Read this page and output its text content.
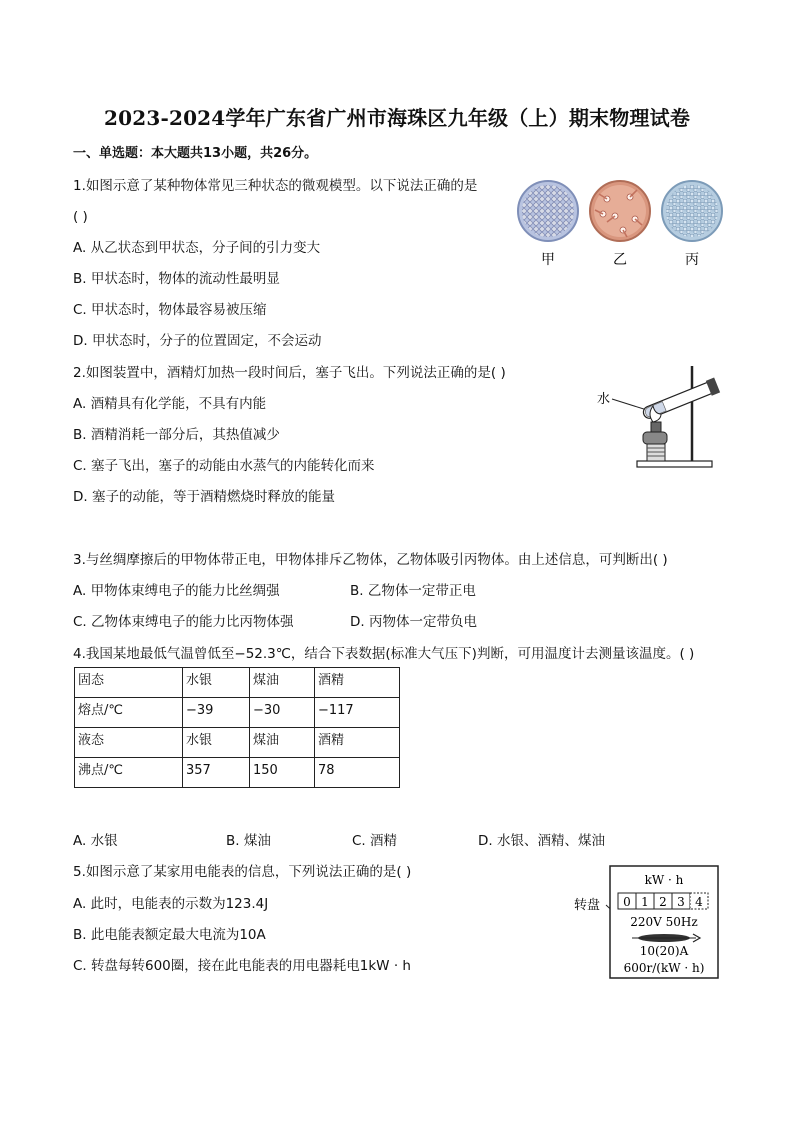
2023-2024学年广东省广州市海珠区九年级（上）期末物理试卷
一、单选题：本大题共13小题，共26分。
1.如图示意了某种物体常见三种状态的微观模型。以下说法正确的是
( )
A. 从乙状态到甲状态，分子间的引力变大
B. 甲状态时，物体的流动性最明显
C. 甲状态时，物体最容易被压缩
D. 甲状态时，分子的位置固定，不会运动
甲	乙	丙
2.如图装置中，酒精灯加热一段时间后，塞子飞出。下列说法正确的是( )
A. 酒精具有化学能，不具有内能
B. 酒精消耗一部分后，其热值减少
C. 塞子飞出，塞子的动能由水蒸气的内能转化而来
D. 塞子的动能，等于酒精燃烧时释放的能量
水
3.与丝绸摩擦后的甲物体带正电，甲物体排斥乙物体，乙物体吸引丙物体。由上述信息，可判断出( )
A. 甲物体束缚电子的能力比丝绸强	B. 乙物体一定带正电
C. 乙物体束缚电子的能力比丙物体强	D. 丙物体一定带负电
4.我国某地最低气温曾低至−52.3℃，结合下表数据(标准大气压下)判断，可用温度计去测量该温度。( )
固态	水银	煤油	酒精
熔点/℃	−39	−30	−117
液态	水银	煤油	酒精
沸点/℃	357	150	78
A. 水银	B. 煤油	C. 酒精	D. 水银、酒精、煤油
5.如图示意了某家用电能表的信息，下列说法正确的是( )
A. 此时，电能表的示数为123.4J
B. 此电能表额定最大电流为10A
C. 转盘每转600圈，接在此电能表的用电器耗电1kW · h
转盘
kW · h
0 1 2 3 4
220V 50Hz
10(20)A
600r/(kW · h)
